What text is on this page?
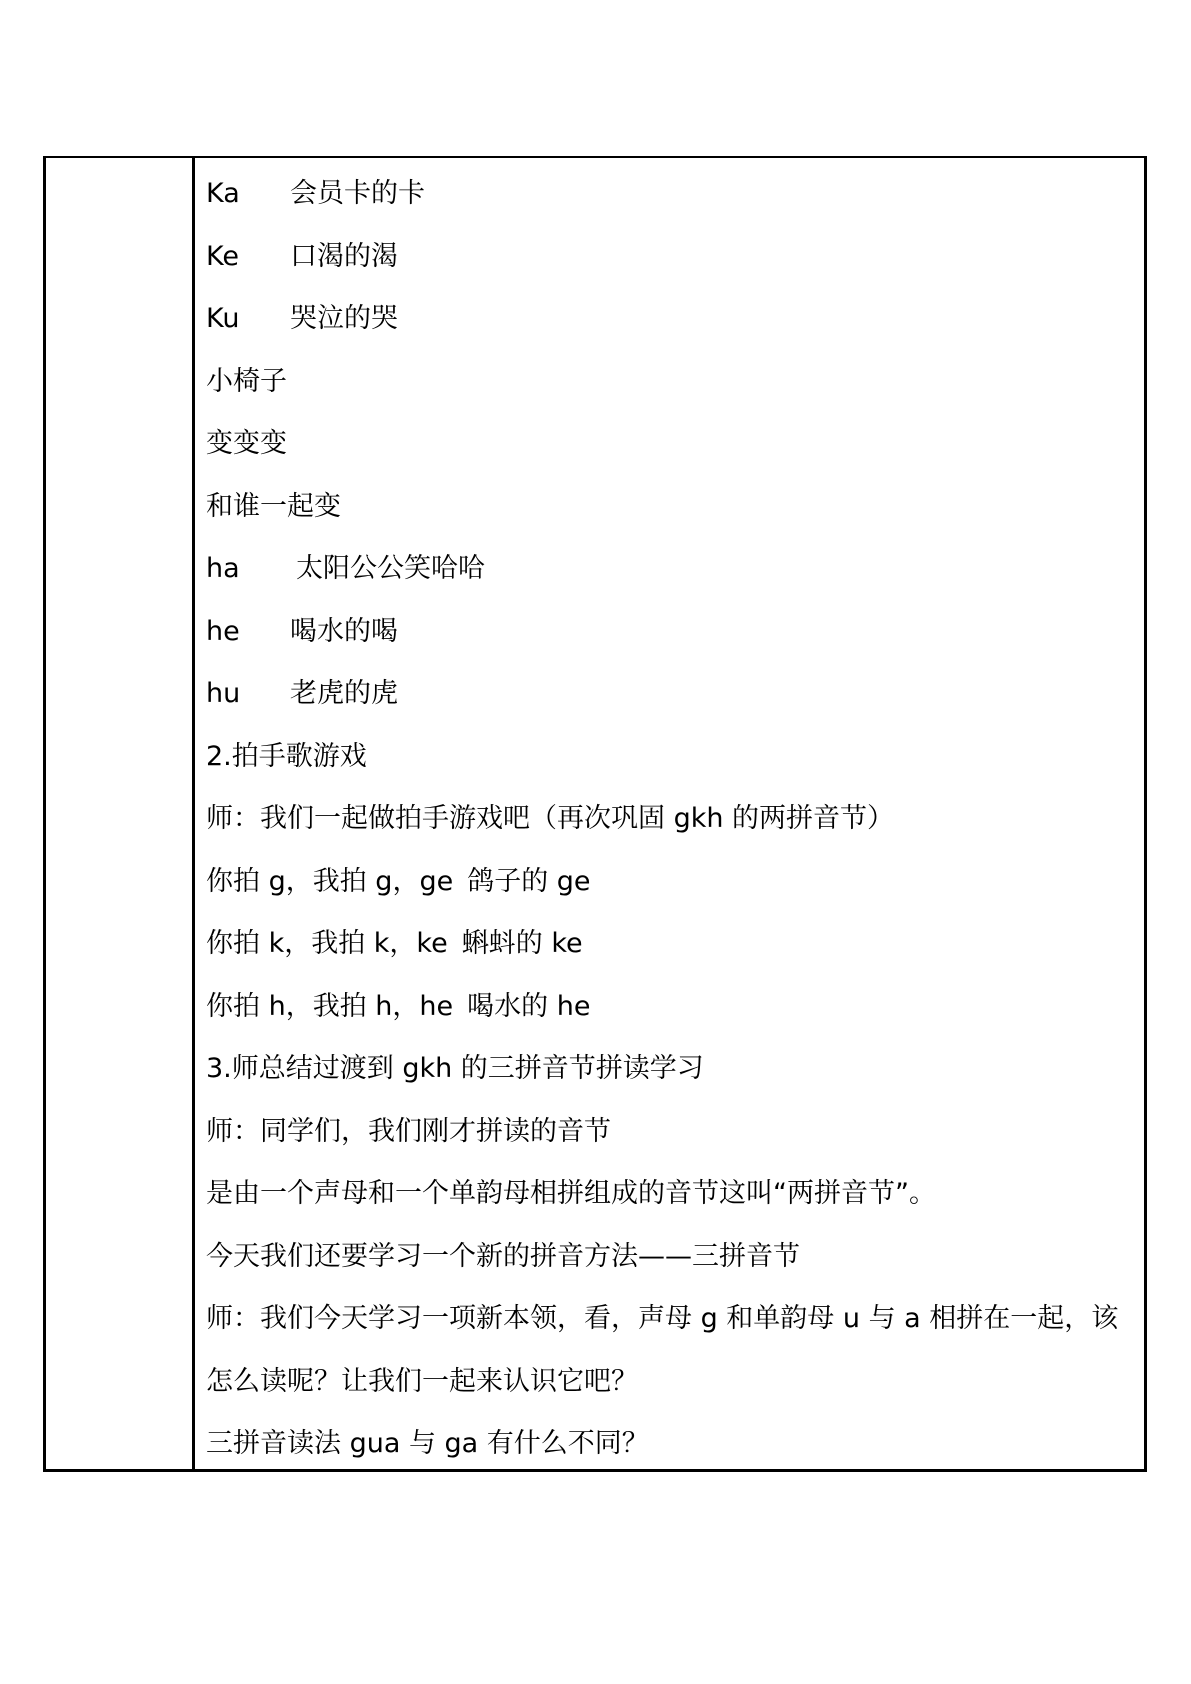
Ka 会员卡的卡
Ke 口渴的渴
Ku 哭泣的哭
小椅子
变变变
和谁一起变
ha 太阳公公笑哈哈
he 喝水的喝
hu 老虎的虎
2.拍手歌游戏
师：我们一起做拍手游戏吧（再次巩固 gkh 的两拼音节）
你拍 g，我拍 g，ge 鸽子的 ge
你拍 k，我拍 k，ke 蝌蚪的 ke
你拍 h，我拍 h，he 喝水的 he
3.师总结过渡到 gkh 的三拼音节拼读学习
师：同学们，我们刚才拼读的音节
是由一个声母和一个单韵母相拼组成的音节这叫“两拼音节”。
今天我们还要学习一个新的拼音方法——三拼音节
师：我们今天学习一项新本领，看，声母 g 和单韵母 u 与 a 相拼在一起，该
怎么读呢？让我们一起来认识它吧？
三拼音读法 gua 与 ga 有什么不同？
